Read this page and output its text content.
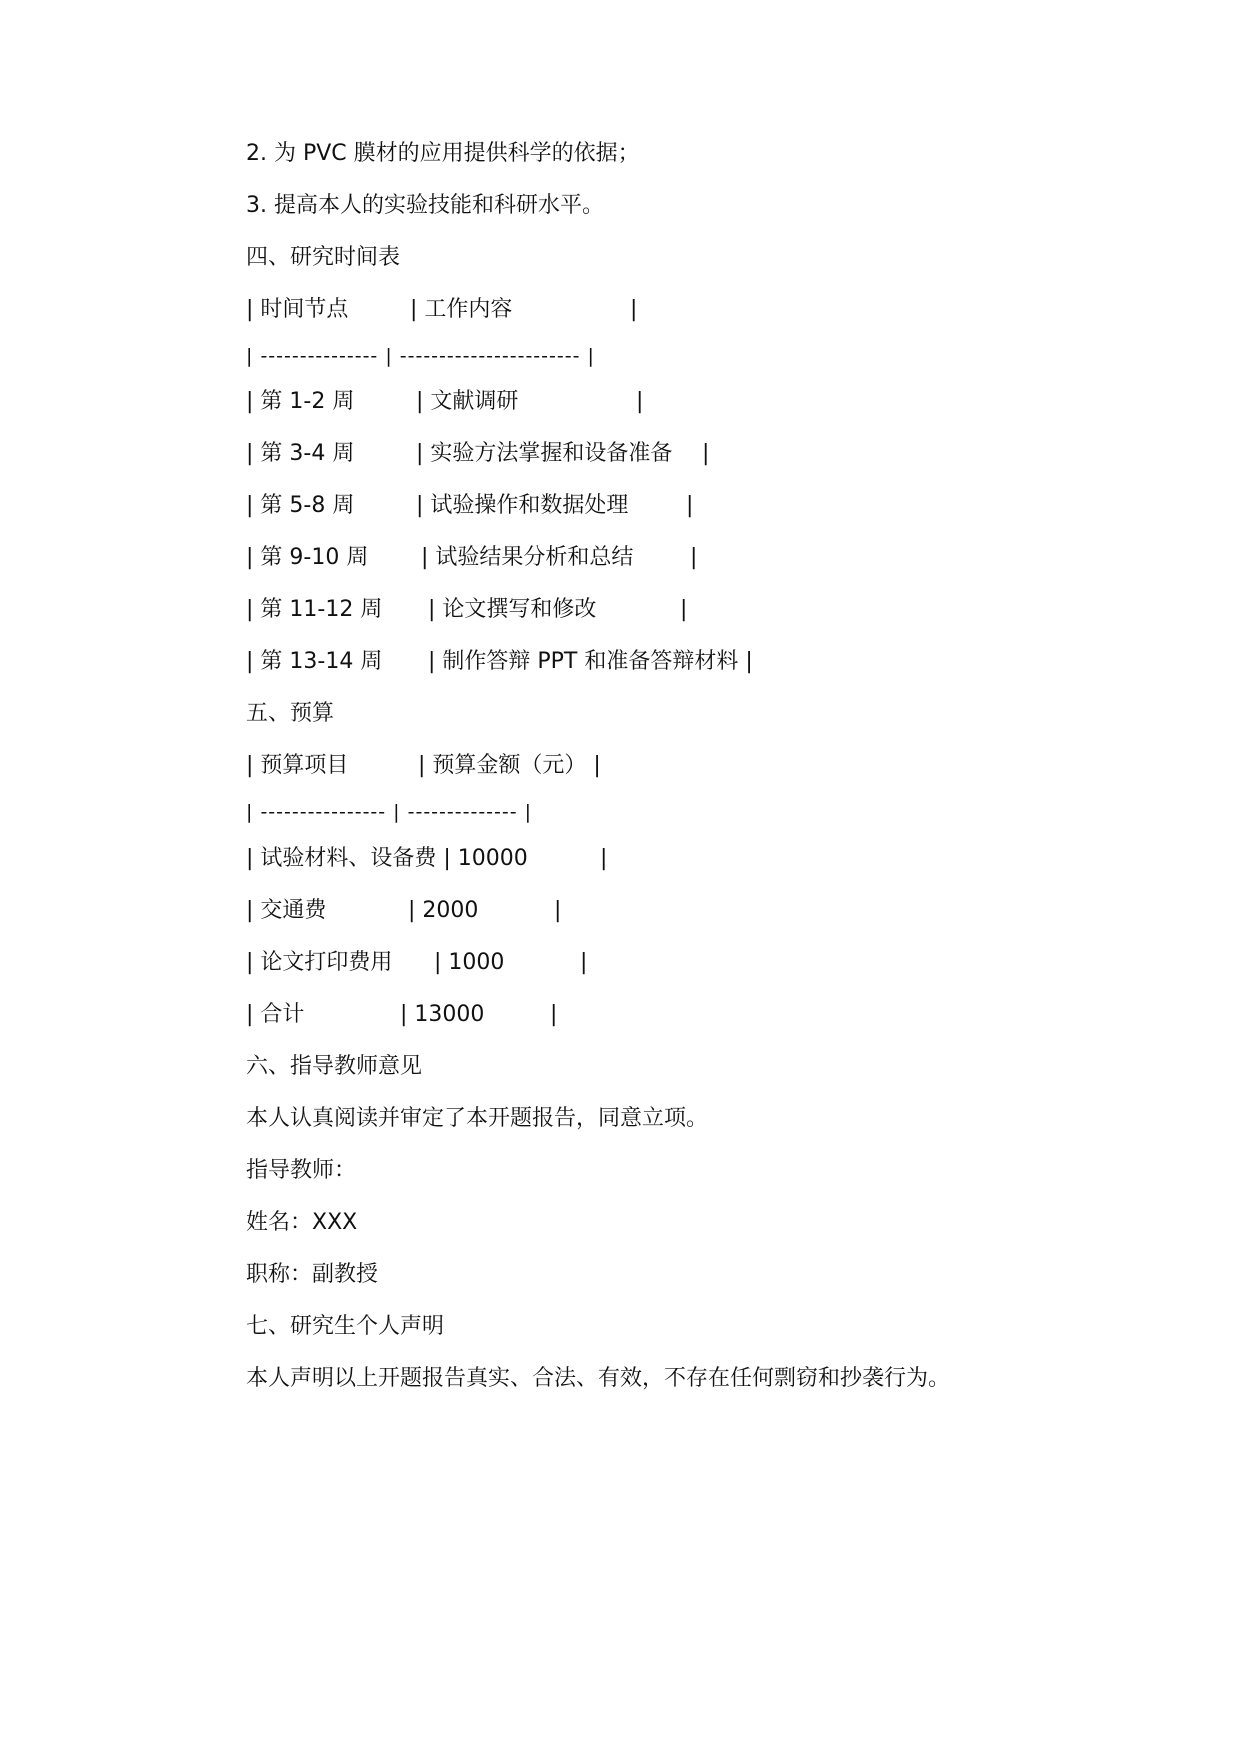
2. 为 PVC 膜材的应用提供科学的依据；

3. 提高本人的实验技能和科研水平。

四、研究时间表

| 时间节点	| 工作内容	|
| --------------- | ----------------------- |
| 第 1-2 周	| 文献调研	|
| 第 3-4 周	| 实验方法掌握和设备准备 |
| 第 5-8 周	| 试验操作和数据处理	|
| 第 9-10 周 | 试验结果分析和总结	|
| 第 11-12 周 | 论文撰写和修改	|
| 第 13-14 周 | 制作答辩 PPT 和准备答辩材料 |

五、预算

| 预算项目	| 预算金额（元） |
| ---------------- | -------------- |
| 试验材料、设备费 | 10000	|
| 交通费	| 2000	|
| 论文打印费用 | 1000	|
| 合计	| 13000	|

六、指导教师意见

本人认真阅读并审定了本开题报告，同意立项。

指导教师：

姓名：XXX

职称：副教授

七、研究生个人声明

本人声明以上开题报告真实、合法、有效，不存在任何剽窃和抄袭行为。
